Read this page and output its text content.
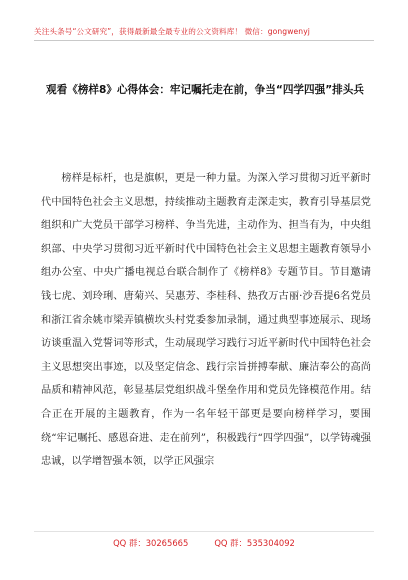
关注头条号“公文研究”，获得最新最全最专业的公文资料库！ 微信：gongwenyj
观看《榜样8》心得体会：牢记嘱托走在前，争当“四学四强”排头兵

榜样是标杆，也是旗帜，更是一种力量。为深入学习贯彻习近平新时代中国特色社会主义思想，持续推动主题教育走深走实，教育引导基层党组织和广大党员干部学习榜样、争当先进，主动作为、担当有为，中央组织部、中央学习贯彻习近平新时代中国特色社会主义思想主题教育领导小组办公室、中央广播电视总台联合制作了《榜样8》专题节目。节目邀请钱七虎、刘玲琍、唐菊兴、吴惠芳、李桂科、热孜万古丽·沙吾提6名党员和浙江省余姚市梁弄镇横坎头村党委参加录制，通过典型事迹展示、现场访谈重温入党誓词等形式，生动展现学习践行习近平新时代中国特色社会主义思想突出事迹，以及坚定信念、践行宗旨拼搏奉献、廉洁奉公的高尚品质和精神风范，彰显基层党组织战斗堡垒作用和党员先锋模范作用。结合正在开展的主题教育，作为一名年轻干部更是要向榜样学习，要围绕“牢记嘱托、感恩奋进、走在前列”，积极践行“四学四强”，以学铸魂强忠诚，以学增智强本领，以学正风强宗

QQ 群：30265665	QQ 群：535304092
